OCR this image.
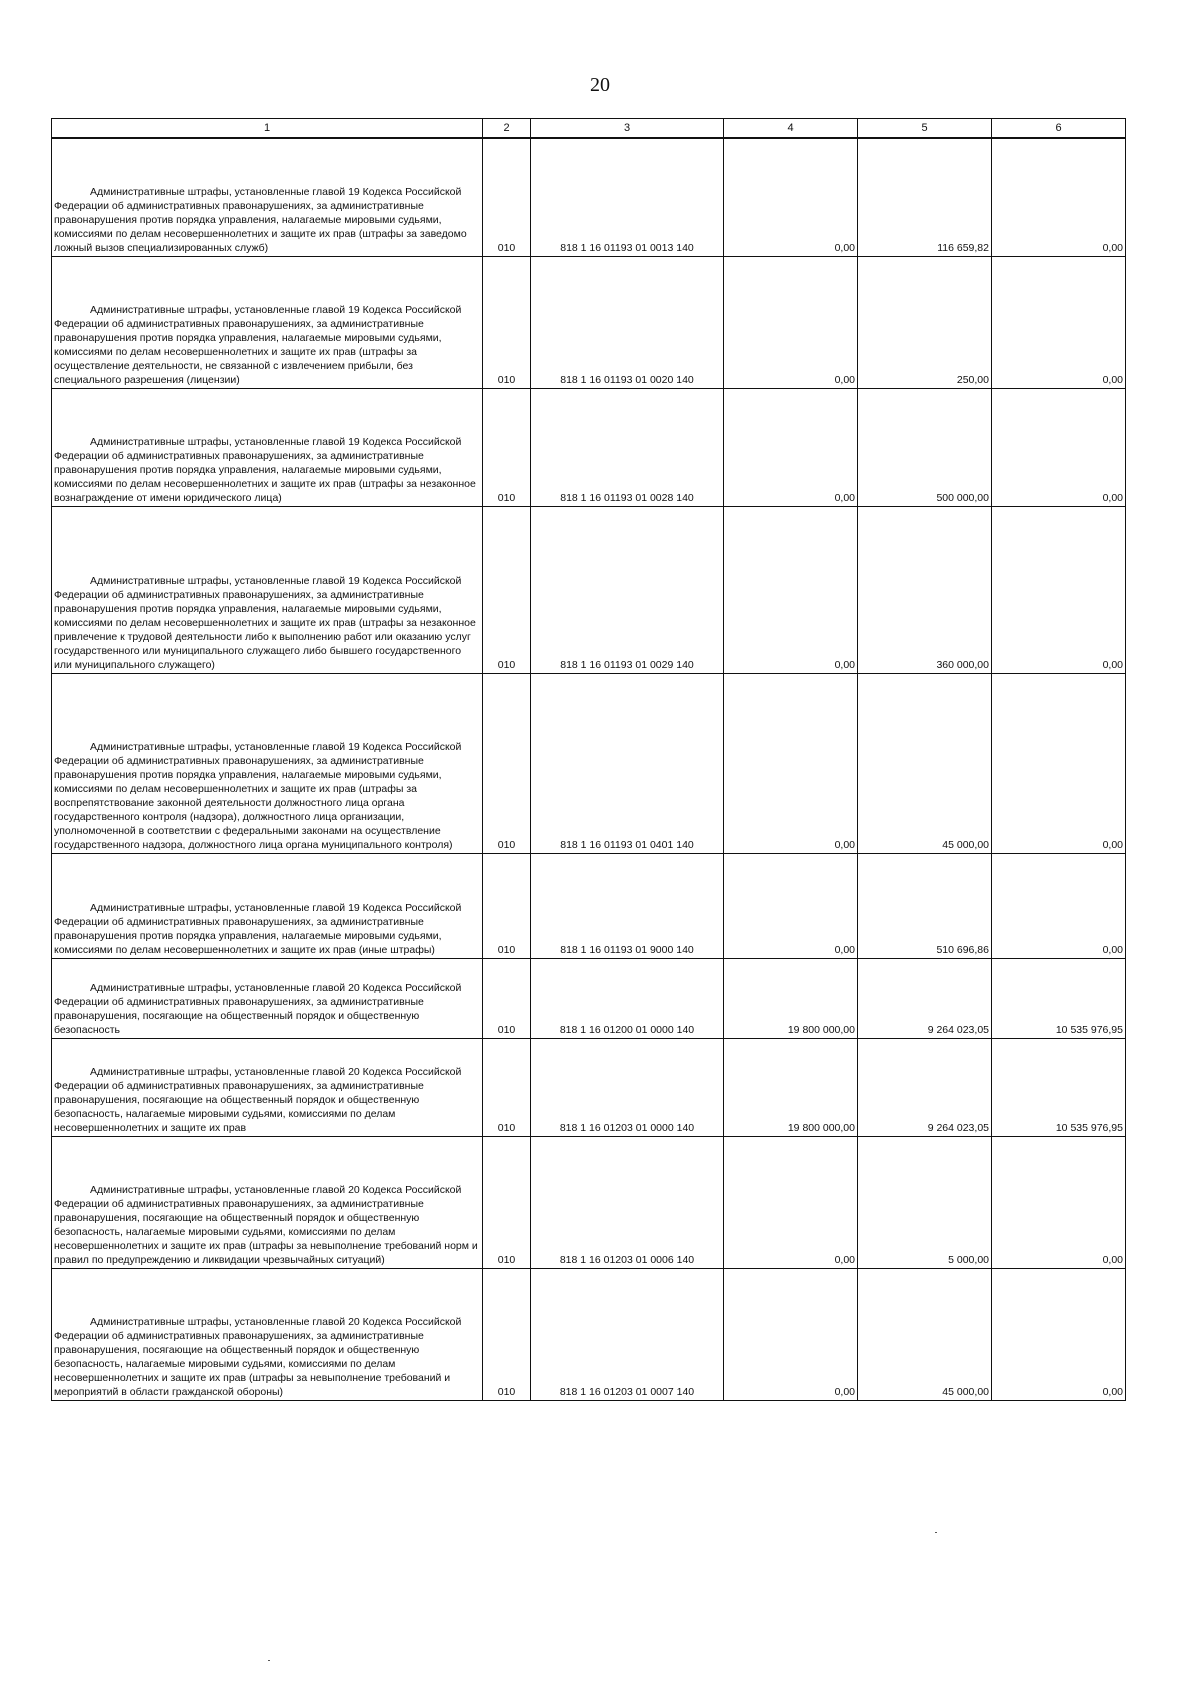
20
1	2	3	4	5	6

Административные штрафы, установленные главой 19 Кодекса Российской Федерации об административных правонарушениях, за административные правонарушения против порядка управления, налагаемые мировыми судьями, комиссиями по делам несовершеннолетних и защите их прав (штрафы за заведомо ложный вызов специализированных служб)	010	818 1 16 01193 01 0013 140	0,00	116 659,82	0,00

Административные штрафы, установленные главой 19 Кодекса Российской Федерации об административных правонарушениях, за административные правонарушения против порядка управления, налагаемые мировыми судьями, комиссиями по делам несовершеннолетних и защите их прав (штрафы за осуществление деятельности, не связанной с извлечением прибыли, без специального разрешения (лицензии)	010	818 1 16 01193 01 0020 140	0,00	250,00	0,00

Административные штрафы, установленные главой 19 Кодекса Российской Федерации об административных правонарушениях, за административные правонарушения против порядка управления, налагаемые мировыми судьями, комиссиями по делам несовершеннолетних и защите их прав (штрафы за незаконное вознаграждение от имени юридического лица)	010	818 1 16 01193 01 0028 140	0,00	500 000,00	0,00

Административные штрафы, установленные главой 19 Кодекса Российской Федерации об административных правонарушениях, за административные правонарушения против порядка управления, налагаемые мировыми судьями, комиссиями по делам несовершеннолетних и защите их прав (штрафы за незаконное привлечение к трудовой деятельности либо к выполнению работ или оказанию услуг государственного или муниципального служащего либо бывшего государственного или муниципального служащего)	010	818 1 16 01193 01 0029 140	0,00	360 000,00	0,00

Административные штрафы, установленные главой 19 Кодекса Российской Федерации об административных правонарушениях, за административные правонарушения против порядка управления, налагаемые мировыми судьями, комиссиями по делам несовершеннолетних и защите их прав (штрафы за воспрепятствование законной деятельности должностного лица органа государственного контроля (надзора), должностного лица организации, уполномоченной в соответствии с федеральными законами на осуществление государственного надзора, должностного лица органа муниципального контроля)	010	818 1 16 01193 01 0401 140	0,00	45 000,00	0,00

Административные штрафы, установленные главой 19 Кодекса Российской Федерации об административных правонарушениях, за административные правонарушения против порядка управления, налагаемые мировыми судьями, комиссиями по делам несовершеннолетних и защите их прав (иные штрафы)	010	818 1 16 01193 01 9000 140	0,00	510 696,86	0,00

Административные штрафы, установленные главой 20 Кодекса Российской Федерации об административных правонарушениях, за административные правонарушения, посягающие на общественный порядок и общественную безопасность	010	818 1 16 01200 01 0000 140	19 800 000,00	9 264 023,05	10 535 976,95

Административные штрафы, установленные главой 20 Кодекса Российской Федерации об административных правонарушениях, за административные правонарушения, посягающие на общественный порядок и общественную безопасность, налагаемые мировыми судьями, комиссиями по делам несовершеннолетних и защите их прав	010	818 1 16 01203 01 0000 140	19 800 000,00	9 264 023,05	10 535 976,95

Административные штрафы, установленные главой 20 Кодекса Российской Федерации об административных правонарушениях, за административные правонарушения, посягающие на общественный порядок и общественную безопасность, налагаемые мировыми судьями, комиссиями по делам несовершеннолетних и защите их прав (штрафы за невыполнение требований норм и правил по предупреждению и ликвидации чрезвычайных ситуаций)	010	818 1 16 01203 01 0006 140	0,00	5 000,00	0,00

Административные штрафы, установленные главой 20 Кодекса Российской Федерации об административных правонарушениях, за административные правонарушения, посягающие на общественный порядок и общественную безопасность, налагаемые мировыми судьями, комиссиями по делам несовершеннолетних и защите их прав (штрафы за невыполнение требований и мероприятий в области гражданской обороны)	010	818 1 16 01203 01 0007 140	0,00	45 000,00	0,00
